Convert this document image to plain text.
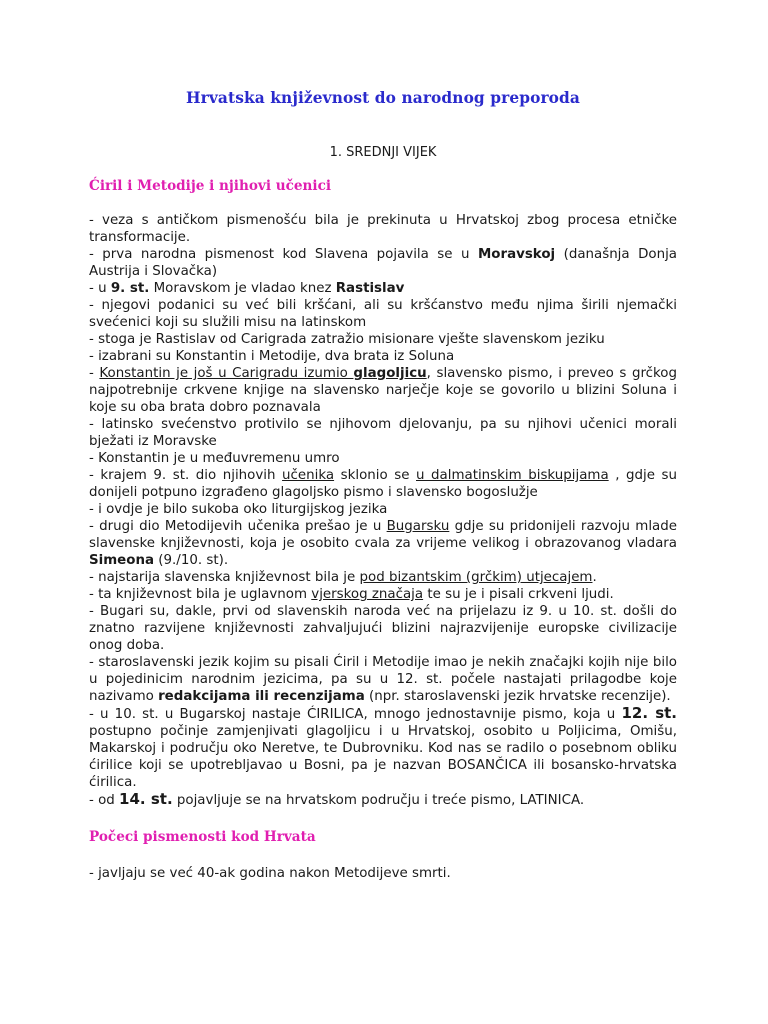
Hrvatska književnost do narodnog preporoda
1. SREDNJI VIJEK
Ćiril i Metodije i njihovi učenici

- veza s antičkom pismenošću bila je prekinuta u Hrvatskoj zbog procesa etničke transformacije.

- prva narodna pismenost kod Slavena pojavila se u Moravskoj (današnja Donja Austrija i Slovačka)

- u 9. st. Moravskom je vladao knez Rastislav

- njegovi podanici su već bili kršćani, ali su kršćanstvo među njima širili njemački svećenici koji su služili misu na latinskom

- stoga je Rastislav od Carigrada zatražio misionare vješte slavenskom jeziku

- izabrani su Konstantin i Metodije, dva brata iz Soluna

- Konstantin je još u Carigradu izumio glagoljicu, slavensko pismo, i preveo s grčkog najpotrebnije crkvene knjige na slavensko narječje koje se govorilo u blizini Soluna i koje su oba brata dobro poznavala

- latinsko svećenstvo protivilo se njihovom djelovanju, pa su njihovi učenici morali bježati iz Moravske

- Konstantin je u međuvremenu umro

- krajem 9. st. dio njihovih učenika sklonio se u dalmatinskim biskupijama , gdje su donijeli potpuno izgrađeno glagoljsko pismo i slavensko bogoslužje

- i ovdje je bilo sukoba oko liturgijskog jezika

- drugi dio Metodijevih učenika prešao je u Bugarsku gdje su pridonijeli razvoju mlade slavenske književnosti, koja je osobito cvala za vrijeme velikog i obrazovanog vladara Simeona (9./10. st).

- najstarija slavenska književnost bila je pod bizantskim (grčkim) utjecajem.

- ta književnost bila je uglavnom vjerskog značaja te su je i pisali crkveni ljudi.

- Bugari su, dakle, prvi od slavenskih naroda već na prijelazu iz 9. u 10. st. došli do znatno razvijene književnosti zahvaljujući blizini najrazvijenije europske civilizacije onog doba.

- staroslavenski jezik kojim su pisali Ćiril i Metodije imao je nekih značajki kojih nije bilo u pojedinicim narodnim jezicima, pa su u 12. st. počele nastajati prilagodbe koje nazivamo redakcijama ili recenzijama (npr. staroslavenski jezik hrvatske recenzije).

- u 10. st. u Bugarskoj nastaje ĆIRILICA, mnogo jednostavnije pismo, koja u 12. st. postupno počinje zamjenjivati glagoljicu i u Hrvatskoj, osobito u Poljicima, Omišu, Makarskoj i području oko Neretve, te Dubrovniku. Kod nas se radilo o posebnom obliku ćirilice koji se upotrebljavao u Bosni, pa je nazvan BOSANČICA ili bosansko-hrvatska ćirilica.

- od 14. st. pojavljuje se na hrvatskom području i treće pismo, LATINICA.

Počeci pismenosti kod Hrvata

- javljaju se već 40-ak godina nakon Metodijeve smrti.
